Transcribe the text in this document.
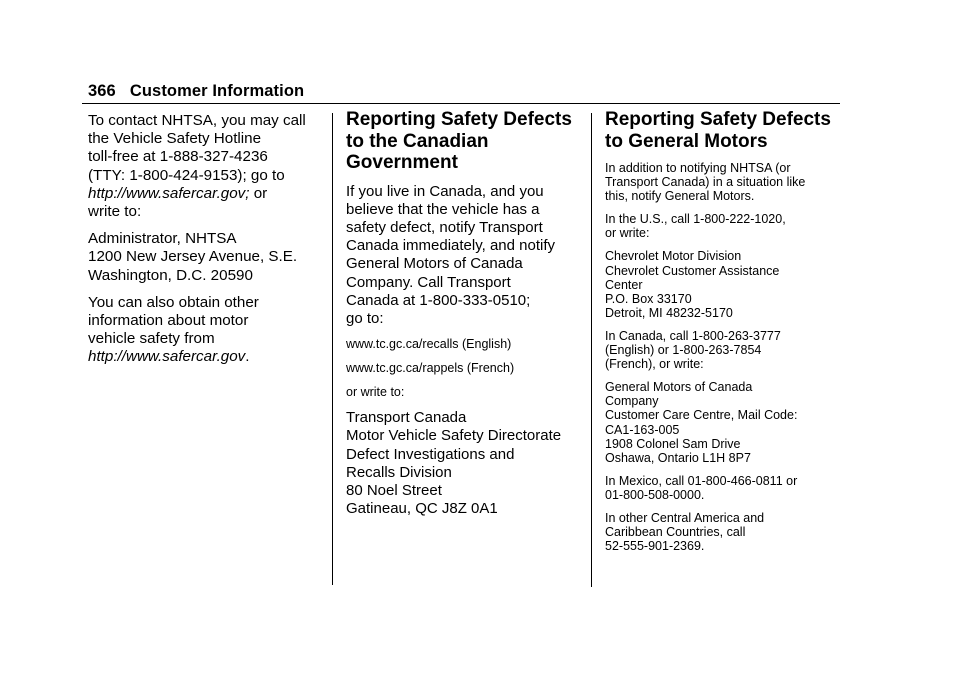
366 Customer Information

To contact NHTSA, you may call
the Vehicle Safety Hotline
toll-free at 1-888-327-4236
(TTY: 1-800-424-9153); go to
http://www.safercar.gov; or
write to:

Administrator, NHTSA
1200 New Jersey Avenue, S.E.
Washington, D.C. 20590

You can also obtain other
information about motor
vehicle safety from
http://www.safercar.gov.

Reporting Safety Defects
to the Canadian
Government

If you live in Canada, and you
believe that the vehicle has a
safety defect, notify Transport
Canada immediately, and notify
General Motors of Canada
Company. Call Transport
Canada at 1-800-333-0510;
go to:

www.tc.gc.ca/recalls (English)

www.tc.gc.ca/rappels (French)

or write to:

Transport Canada
Motor Vehicle Safety Directorate
Defect Investigations and
Recalls Division
80 Noel Street
Gatineau, QC J8Z 0A1

Reporting Safety Defects
to General Motors

In addition to notifying NHTSA (or
Transport Canada) in a situation like
this, notify General Motors.

In the U.S., call 1-800-222-1020,
or write:

Chevrolet Motor Division
Chevrolet Customer Assistance
Center
P.O. Box 33170
Detroit, MI 48232-5170

In Canada, call 1-800-263-3777
(English) or 1-800-263-7854
(French), or write:

General Motors of Canada
Company
Customer Care Centre, Mail Code:
CA1-163-005
1908 Colonel Sam Drive
Oshawa, Ontario L1H 8P7

In Mexico, call 01-800-466-0811 or
01-800-508-0000.

In other Central America and
Caribbean Countries, call
52-555-901-2369.
